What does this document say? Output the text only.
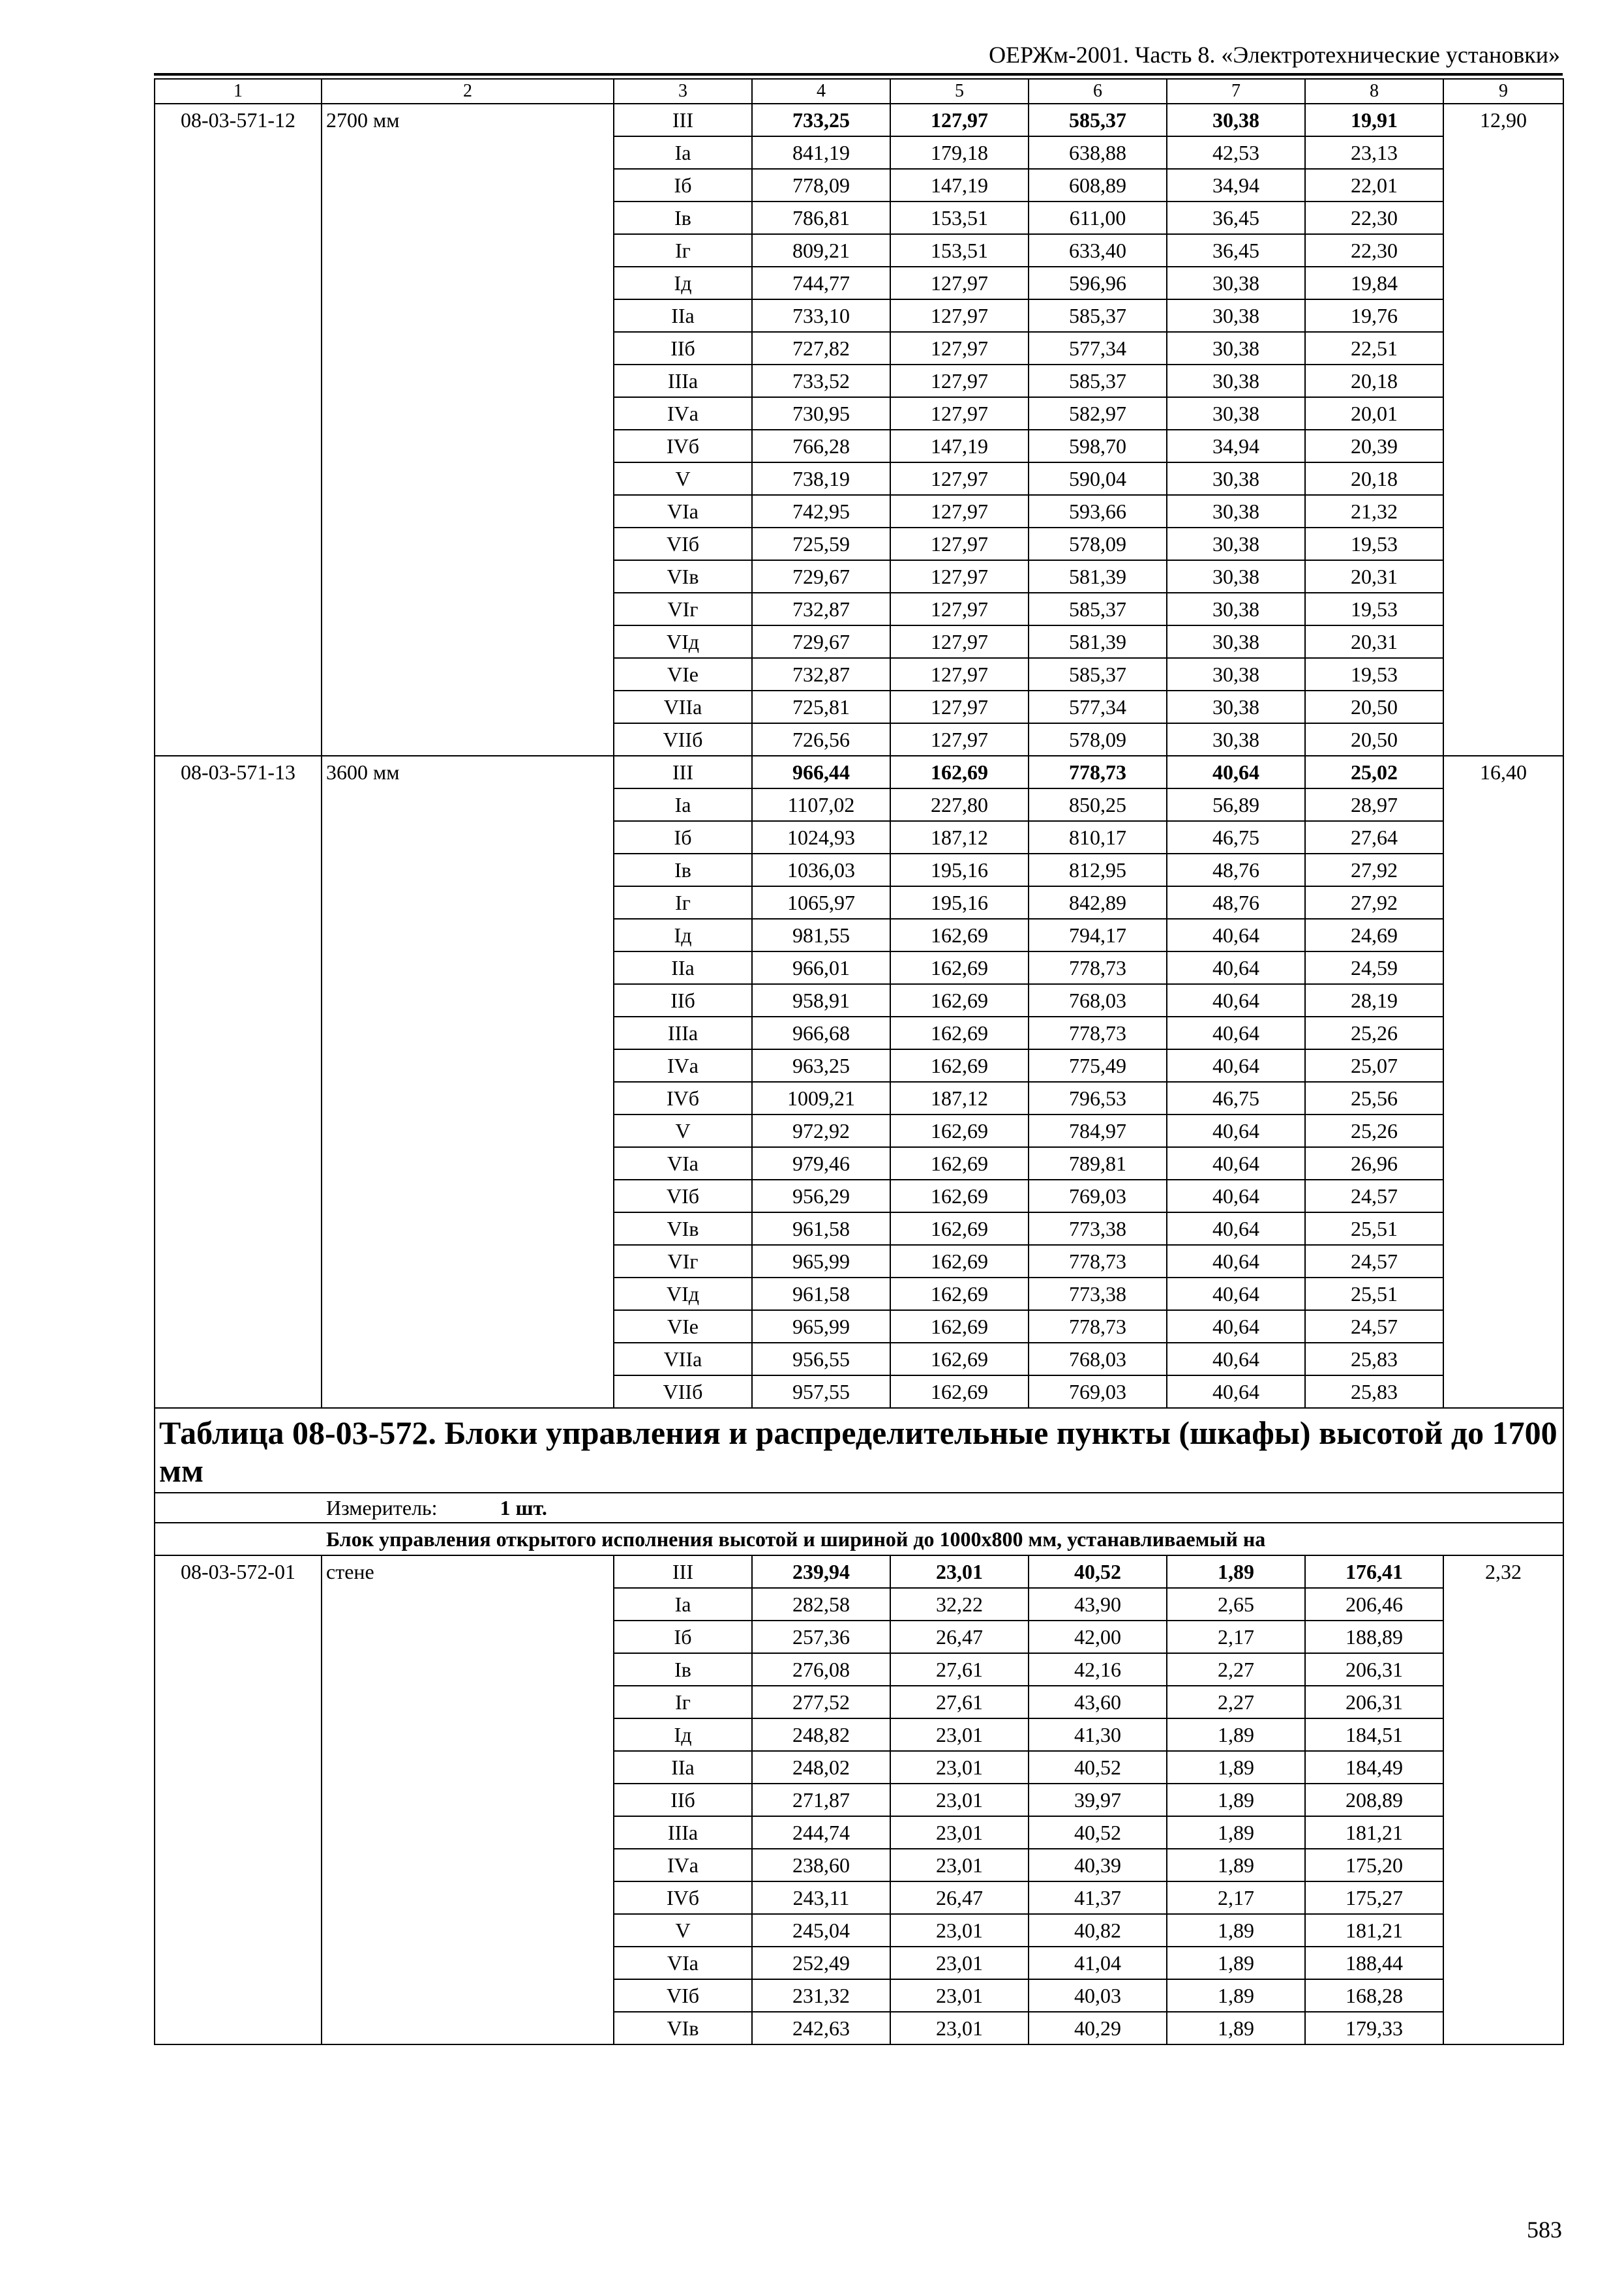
ОЕРЖм-2001. Часть 8. «Электротехнические установки»
1	2	3	4	5	6	7	8	9
08-03-571-12	2700 мм	III	733,25	127,97	585,37	30,38	19,91	12,90
		Iа	841,19	179,18	638,88	42,53	23,13	
		Iб	778,09	147,19	608,89	34,94	22,01	
		Iв	786,81	153,51	611,00	36,45	22,30	
		Iг	809,21	153,51	633,40	36,45	22,30	
		Iд	744,77	127,97	596,96	30,38	19,84	
		IIа	733,10	127,97	585,37	30,38	19,76	
		IIб	727,82	127,97	577,34	30,38	22,51	
		IIIа	733,52	127,97	585,37	30,38	20,18	
		IVа	730,95	127,97	582,97	30,38	20,01	
		IVб	766,28	147,19	598,70	34,94	20,39	
		V	738,19	127,97	590,04	30,38	20,18	
		VIа	742,95	127,97	593,66	30,38	21,32	
		VIб	725,59	127,97	578,09	30,38	19,53	
		VIв	729,67	127,97	581,39	30,38	20,31	
		VIг	732,87	127,97	585,37	30,38	19,53	
		VIд	729,67	127,97	581,39	30,38	20,31	
		VIе	732,87	127,97	585,37	30,38	19,53	
		VIIа	725,81	127,97	577,34	30,38	20,50	
		VIIб	726,56	127,97	578,09	30,38	20,50	
08-03-571-13	3600 мм	III	966,44	162,69	778,73	40,64	25,02	16,40
		Iа	1107,02	227,80	850,25	56,89	28,97	
		Iб	1024,93	187,12	810,17	46,75	27,64	
		Iв	1036,03	195,16	812,95	48,76	27,92	
		Iг	1065,97	195,16	842,89	48,76	27,92	
		Iд	981,55	162,69	794,17	40,64	24,69	
		IIа	966,01	162,69	778,73	40,64	24,59	
		IIб	958,91	162,69	768,03	40,64	28,19	
		IIIа	966,68	162,69	778,73	40,64	25,26	
		IVа	963,25	162,69	775,49	40,64	25,07	
		IVб	1009,21	187,12	796,53	46,75	25,56	
		V	972,92	162,69	784,97	40,64	25,26	
		VIа	979,46	162,69	789,81	40,64	26,96	
		VIб	956,29	162,69	769,03	40,64	24,57	
		VIв	961,58	162,69	773,38	40,64	25,51	
		VIг	965,99	162,69	778,73	40,64	24,57	
		VIд	961,58	162,69	773,38	40,64	25,51	
		VIе	965,99	162,69	778,73	40,64	24,57	
		VIIа	956,55	162,69	768,03	40,64	25,83	
		VIIб	957,55	162,69	769,03	40,64	25,83	
Таблица 08-03-572. Блоки управления и распределительные пункты (шкафы) высотой до 1700 мм								
Измеритель: 1 шт.								
Блок управления открытого исполнения высотой и шириной до 1000х800 мм, устанавливаемый на								
08-03-572-01	стене	III	239,94	23,01	40,52	1,89	176,41	2,32
		Iа	282,58	32,22	43,90	2,65	206,46	
		Iб	257,36	26,47	42,00	2,17	188,89	
		Iв	276,08	27,61	42,16	2,27	206,31	
		Iг	277,52	27,61	43,60	2,27	206,31	
		Iд	248,82	23,01	41,30	1,89	184,51	
		IIа	248,02	23,01	40,52	1,89	184,49	
		IIб	271,87	23,01	39,97	1,89	208,89	
		IIIа	244,74	23,01	40,52	1,89	181,21	
		IVа	238,60	23,01	40,39	1,89	175,20	
		IVб	243,11	26,47	41,37	2,17	175,27	
		V	245,04	23,01	40,82	1,89	181,21	
		VIа	252,49	23,01	41,04	1,89	188,44	
		VIб	231,32	23,01	40,03	1,89	168,28	
		VIв	242,63	23,01	40,29	1,89	179,33	
583
